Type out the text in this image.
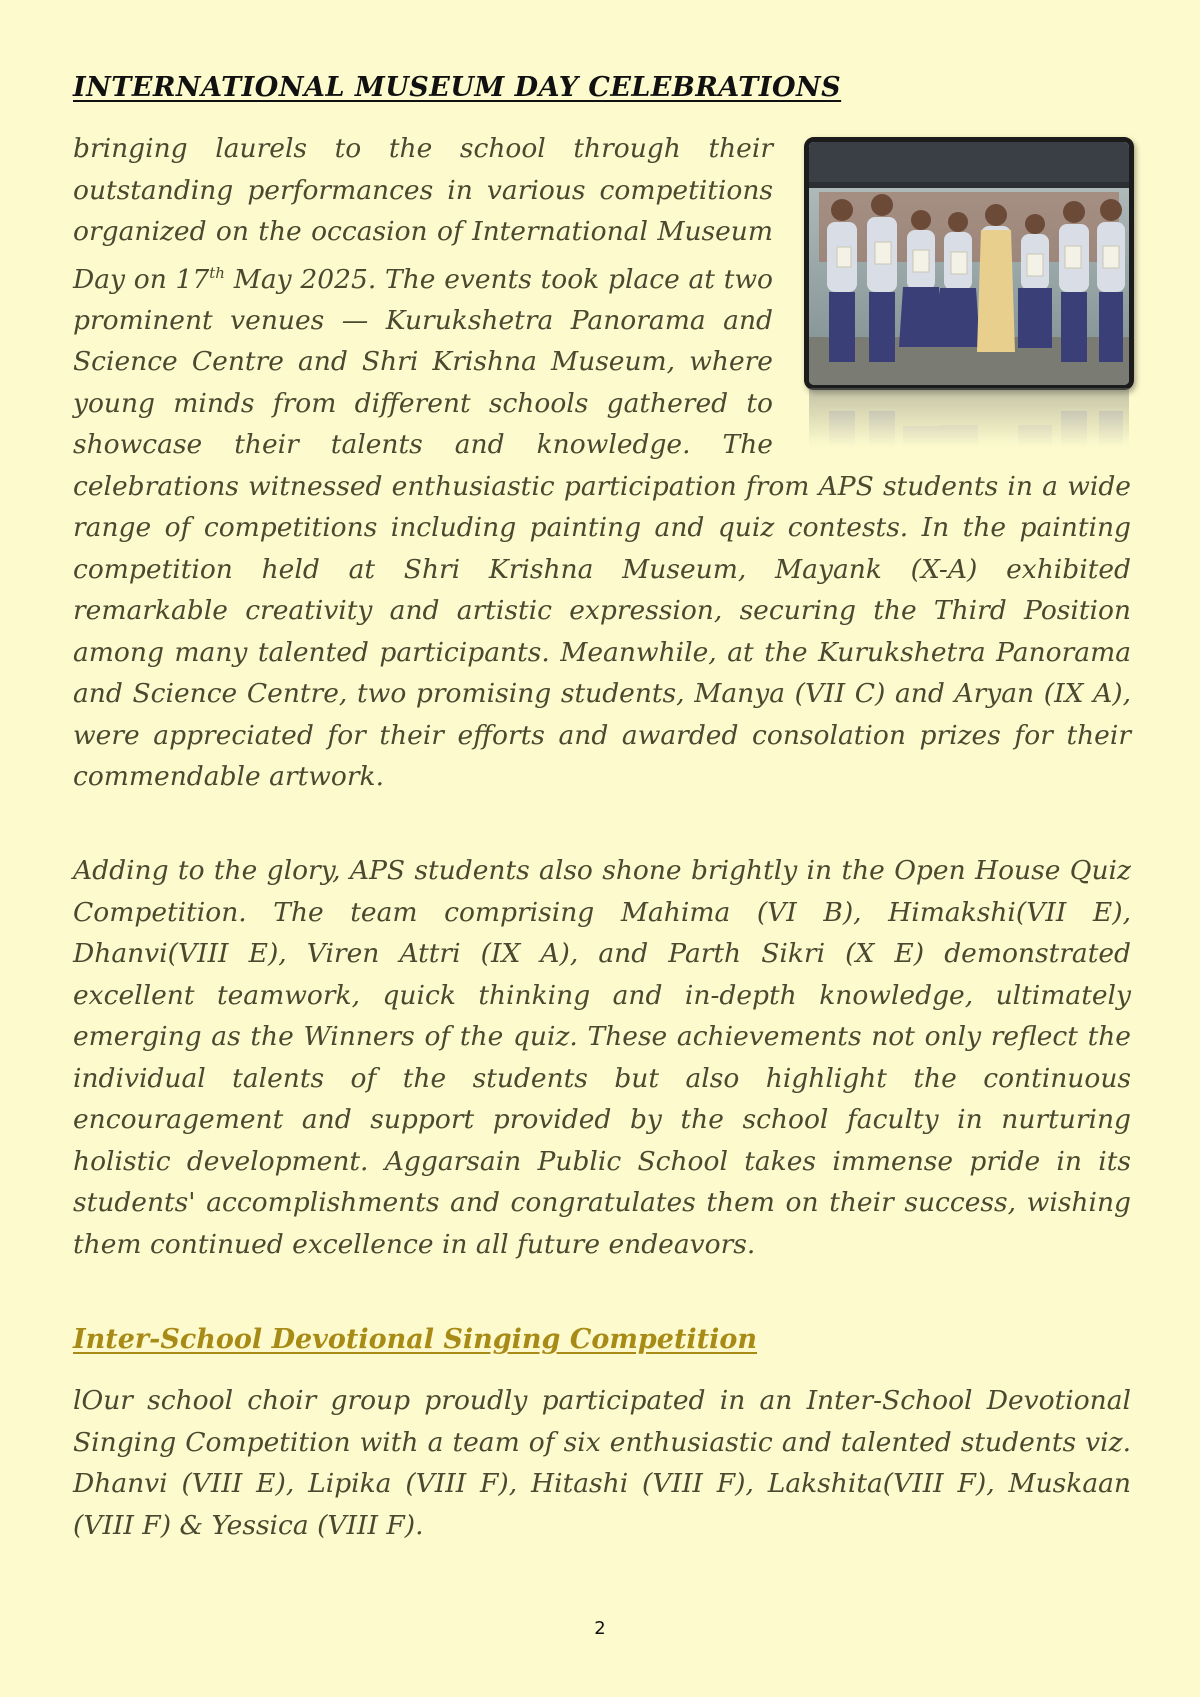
INTERNATIONAL MUSEUM DAY CELEBRATIONS

bringing laurels to the school through their outstanding performances in various competitions organized on the occasion of International Museum Day on 17th May 2025. The events took place at two prominent venues — Kurukshetra Panorama and Science Centre and Shri Krishna Museum, where young minds from different schools gathered to showcase their talents and knowledge. The celebrations witnessed enthusiastic participation from APS students in a wide range of competitions including painting and quiz contests. In the painting competition held at Shri Krishna Museum, Mayank (X-A) exhibited remarkable creativity and artistic expression, securing the Third Position among many talented participants. Meanwhile, at the Kurukshetra Panorama and Science Centre, two promising students, Manya (VII C) and Aryan (IX A), were appreciated for their efforts and awarded consolation prizes for their commendable artwork.

Adding to the glory, APS students also shone brightly in the Open House Quiz Competition. The team comprising Mahima (VI B), Himakshi(VII E), Dhanvi(VIII E), Viren Attri (IX A), and Parth Sikri (X E) demonstrated excellent teamwork, quick thinking and in-depth knowledge, ultimately emerging as the Winners of the quiz. These achievements not only reflect the individual talents of the students but also highlight the continuous encouragement and support provided by the school faculty in nurturing holistic development. Aggarsain Public School takes immense pride in its students' accomplishments and congratulates them on their success, wishing them continued excellence in all future endeavors.

Inter-School Devotional Singing Competition

lOur school choir group proudly participated in an Inter-School Devotional Singing Competition with a team of six enthusiastic and talented students viz. Dhanvi (VIII E), Lipika (VIII F), Hitashi (VIII F), Lakshita(VIII F), Muskaan (VIII F) & Yessica (VIII F).

2
